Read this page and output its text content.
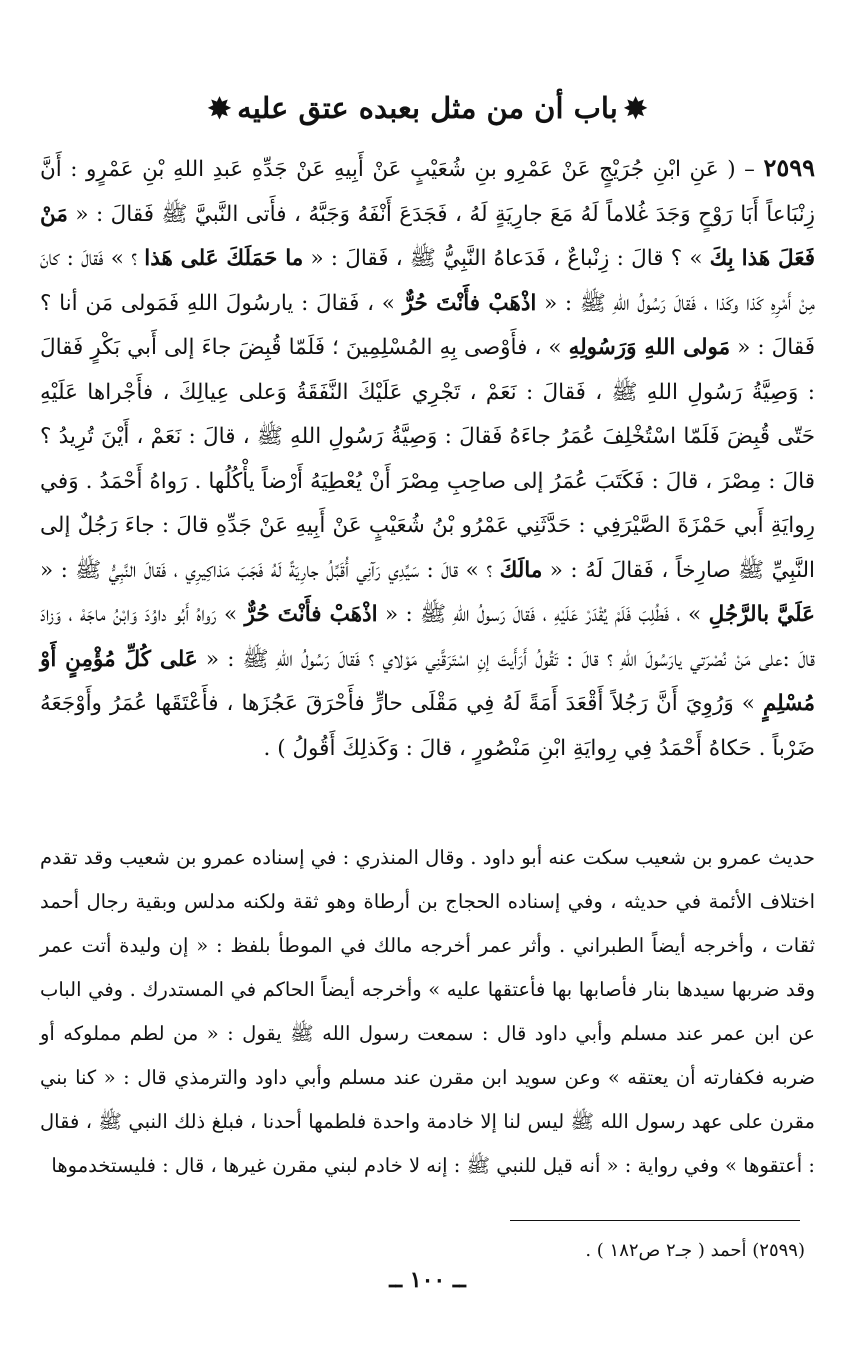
✸باب أن من مثل بعبده عتق عليه✸
٢٥٩٩ – ( عَنِ ابْنِ جُرَيْجٍ عَنْ عَمْرِو بنِ شُعَيْبٍ عَنْ أَبِيهِ عَنْ جَدِّهِ عَبدِ اللهِ بْنِ عَمْرٍو : أَنَّ زِنْبَاعاً أَبَا رَوْحٍ وَجَدَ غُلاماً لَهُ مَعَ جارِيَةٍ لَهُ ، فَجَدَعَ أَنْفَهُ وَجَبَّهُ ، فأَتى النَّبيَّ ﷺ فَقالَ : « مَنْ فَعَلَ هَذا بِكَ » ؟ قالَ : زِنْباعٌ ، فَدَعاهُ النَّبِيُّ ﷺ ، فَقالَ : « ما حَمَلَكَ عَلى هَذا ؟ » فَقالَ : كانَ مِنْ أَمْرِهِ كَذا وكَذا ، فَقالَ رَسُولُ اللهِ ﷺ : « اذْهَبْ فأَنْتَ حُرٌّ » ، فَقالَ : يارسُولَ اللهِ فَمَولى مَن أنا ؟ فَقالَ : « مَولى اللهِ وَرَسُولِهِ » ، فأَوْصى بِهِ المُسْلِمِينَ ؛ فَلَمّا قُبِضَ جاءَ إلى أَبي بَكْرٍ فَقالَ : وَصِيَّةُ رَسُولِ اللهِ ﷺ ، فَقالَ : نَعَمْ ، تَجْرِي عَلَيْكَ النَّفَقَةُ وَعلى عِيالِكَ ، فأَجْراها عَلَيْهِ حَتّى قُبِضَ فَلَمّا اسْتُخْلِفَ عُمَرُ جاءَهُ فَقالَ : وَصِيَّةُ رَسُولِ اللهِ ﷺ ، قالَ : نَعَمْ ، أَيْنَ تُرِيدُ ؟ قالَ : مِصْرَ ، قالَ : فَكَتَبَ عُمَرُ إلى صاحِبِ مِصْرَ أَنْ يُعْطِيَهُ أَرْضاً يأْكُلُها . رَواهُ أَحْمَدُ . وَفي رِوايَةِ أَبي حَمْزَةَ الصَّيْرَفِي : حَدَّثَنِي عَمْرُو بْنُ شُعَيْبٍ عَنْ أَبِيهِ عَنْ جَدِّهِ قالَ : جاءَ رَجُلٌ إلى النَّبِيِّ ﷺ صارِخاً ، فَقالَ لَهُ : « مالَكَ ؟ » قالَ : سَيِّدِي رَآنِي أُقَبِّلُ جارِيَةً لَهُ فَجَبَ مَذاكِيرِي ، فَقالَ النَّبِيُّ ﷺ : « عَلَيَّ بالرَّجُلِ » ، فَطُلِبَ فَلَمْ يُقْدَرْ عَلَيْهِ ، فَقالَ رَسولُ اللهِ ﷺ : « اذْهَبْ فأَنْتَ حُرٌّ » رَواهُ أَبُو داوُدَ وَابْنُ ماجَهْ ، وَزادَ قالَ :على مَنْ نُصْرَتي يارَسُولَ اللهِ ؟ قالَ : تَقُولُ أَرَأَيتَ إنِ اسْتَرَقَّنِي مَوْلاي ؟ فَقالَ رَسُولُ اللهِ ﷺ : « عَلى كُلِّ مُؤْمِنٍ أَوْ مُسْلِمٍ » وَرُوِيَ أَنَّ رَجُلاً أَقْعَدَ أَمَةً لَهُ فِي مَقْلَى حارٍّ فأَحْرَقَ عَجُزَها ، فأَعْتَقَها عُمَرُ وأَوْجَعَهُ ضَرْباً . حَكاهُ أَحْمَدُ فِي رِوايَةِ ابْنِ مَنْصُورٍ ، قالَ : وَكَذلِكَ أَقُولُ ) .
حديث عمرو بن شعيب سكت عنه أبو داود . وقال المنذري : في إسناده عمرو بن شعيب وقد تقدم اختلاف الأئمة في حديثه ، وفي إسناده الحجاج بن أرطاة وهو ثقة ولكنه مدلس وبقية رجال أحمد ثقات ، وأخرجه أيضاً الطبراني . وأثر عمر أخرجه مالك في الموطأ بلفظ : « إن وليدة أتت عمر وقد ضربها سيدها بنار فأصابها بها فأعتقها عليه » وأخرجه أيضاً الحاكم في المستدرك . وفي الباب عن ابن عمر عند مسلم وأبي داود قال : سمعت رسول الله ﷺ يقول : « من لطم مملوكه أو ضربه فكفارته أن يعتقه » وعن سويد ابن مقرن عند مسلم وأبي داود والترمذي قال : « كنا بني مقرن على عهد رسول الله ﷺ ليس لنا إلا خادمة واحدة فلطمها أحدنا ، فبلغ ذلك النبي ﷺ ، فقال : أعتقوها » وفي رواية : « أنه قيل للنبي ﷺ : إنه لا خادم لبني مقرن غيرها ، قال : فليستخدموها
(٢٥٩٩) أحمد ( جـ٢ ص١٨٢ ) .
ــ ١٠٠ ــ
